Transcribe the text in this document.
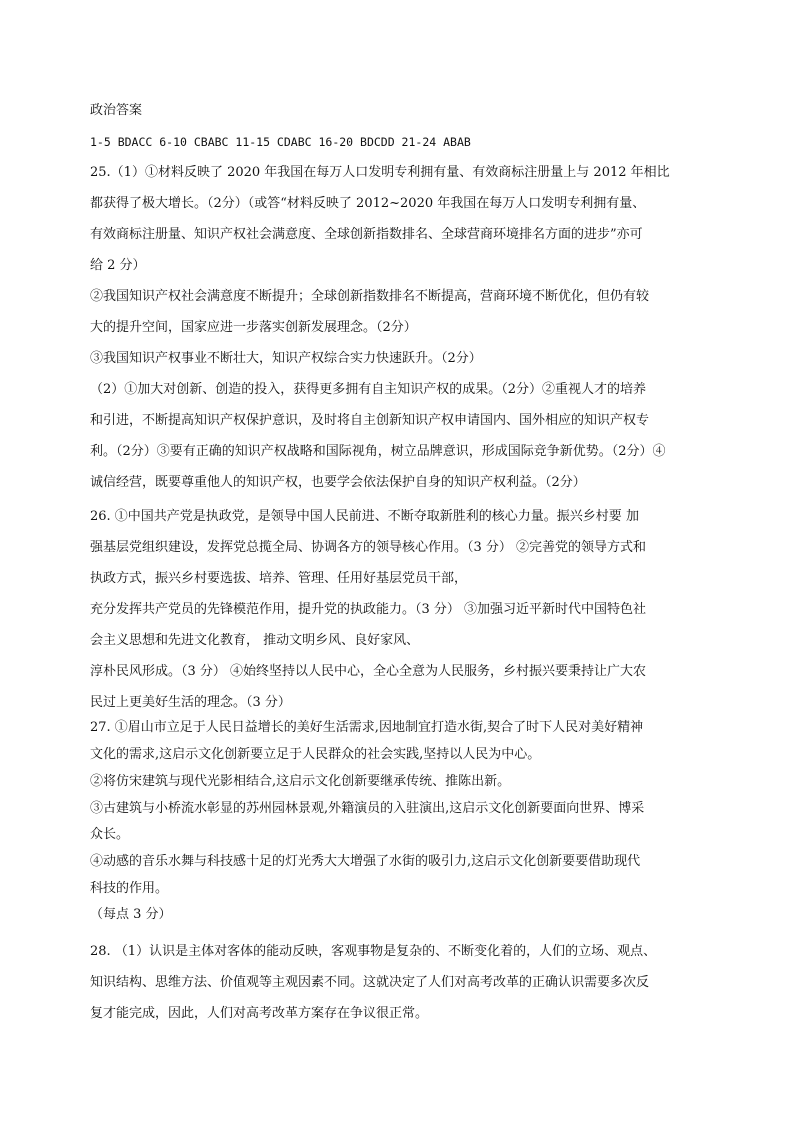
政治答案
1-5 BDACC 6-10 CBABC 11-15 CDABC 16-20 BDCDD 21-24 ABAB
25.（1）①材料反映了 2020 年我国在每万人口发明专利拥有量、有效商标注册量上与 2012 年相比
都获得了极大增长。（2分）（或答“材料反映了 2012~2020 年我国在每万人口发明专利拥有量、
有效商标注册量、知识产权社会满意度、全球创新指数排名、全球营商环境排名方面的进步”亦可
给 2 分）
②我国知识产权社会满意度不断提升；全球创新指数排名不断提高，营商环境不断优化，但仍有较
大的提升空间，国家应进一步落实创新发展理念。（2分）
③我国知识产权事业不断壮大，知识产权综合实力快速跃升。（2分）
（2）①加大对创新、创造的投入，获得更多拥有自主知识产权的成果。（2分）②重视人才的培养
和引进，不断提高知识产权保护意识，及时将自主创新知识产权申请国内、国外相应的知识产权专
利。（2分）③要有正确的知识产权战略和国际视角，树立品牌意识，形成国际竞争新优势。（2分）④
诚信经营，既要尊重他人的知识产权，也要学会依法保护自身的知识产权利益。（2分）
26. ①中国共产党是执政党，是领导中国人民前进、不断夺取新胜利的核心力量。振兴乡村要 加
强基层党组织建设，发挥党总揽全局、协调各方的领导核心作用。（3 分） ②完善党的领导方式和
执政方式，振兴乡村要选拔、培养、管理、任用好基层党员干部，
充分发挥共产党员的先锋模范作用，提升党的执政能力。（3 分） ③加强习近平新时代中国特色社
会主义思想和先进文化教育， 推动文明乡风、良好家风、
淳朴民风形成。（3 分） ④始终坚持以人民中心，全心全意为人民服务，乡村振兴要秉持让广大农
民过上更美好生活的理念。（3 分）
27. ①眉山市立足于人民日益增长的美好生活需求,因地制宜打造水街,契合了时下人民对美好精神
文化的需求,这启示文化创新要立足于人民群众的社会实践,坚持以人民为中心。
②将仿宋建筑与现代光影相结合,这启示文化创新要继承传统、推陈出新。
③古建筑与小桥流水彰显的苏州园林景观,外籍演员的入驻演出,这启示文化创新要面向世界、博采
众长。
④动感的音乐水舞与科技感十足的灯光秀大大增强了水街的吸引力,这启示文化创新要要借助现代
科技的作用。
（每点 3 分）
28. （1）认识是主体对客体的能动反映，客观事物是复杂的、不断变化着的，人们的立场、观点、
知识结构、思维方法、价值观等主观因素不同。这就决定了人们对高考改革的正确认识需要多次反
复才能完成，因此，人们对高考改革方案存在争议很正常。
